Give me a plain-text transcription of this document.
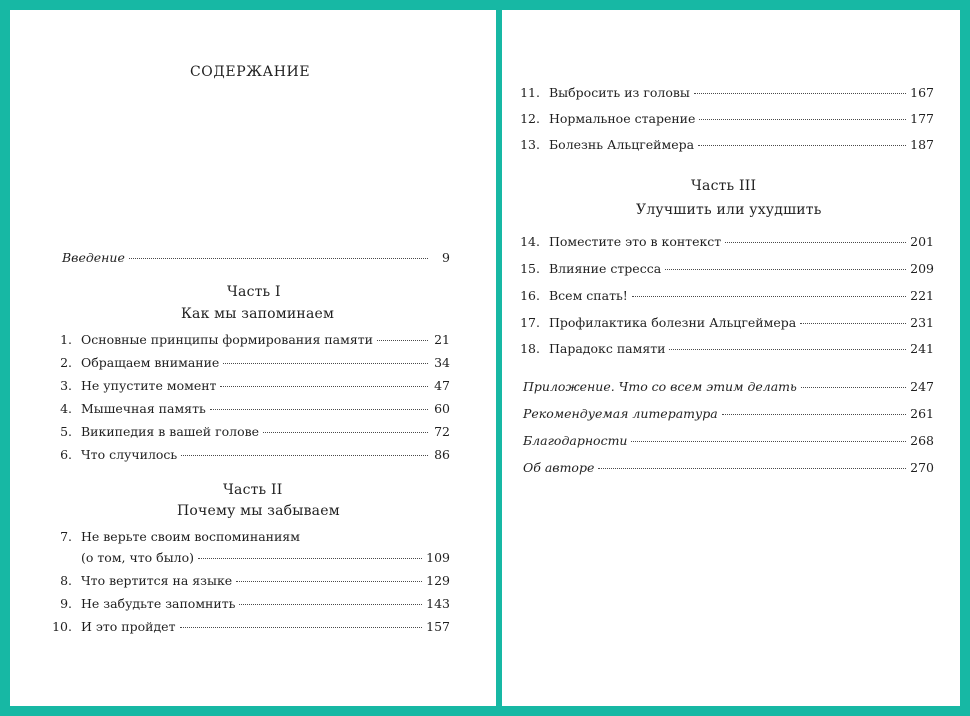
СОДЕРЖАНИЕ
Введение	9
Часть I
Как мы запоминаем
1. Основные принципы формирования памяти	21
2. Обращаем внимание	34
3. Не упустите момент	47
4. Мышечная память	60
5. Википедия в вашей голове	72
6. Что случилось	86
Часть II
Почему мы забываем
7. Не верьте своим воспоминаниям
(о том, что было)	109
8. Что вертится на языке	129
9. Не забудьте запомнить	143
10. И это пройдет	157
11. Выбросить из головы	167
12. Нормальное старение	177
13. Болезнь Альцгеймера	187
Часть III
Улучшить или ухудшить
14. Поместите это в контекст	201
15. Влияние стресса	209
16. Всем спать!	221
17. Профилактика болезни Альцгеймера	231
18. Парадокс памяти	241
Приложение. Что со всем этим делать	247
Рекомендуемая литература	261
Благодарности	268
Об авторе	270
